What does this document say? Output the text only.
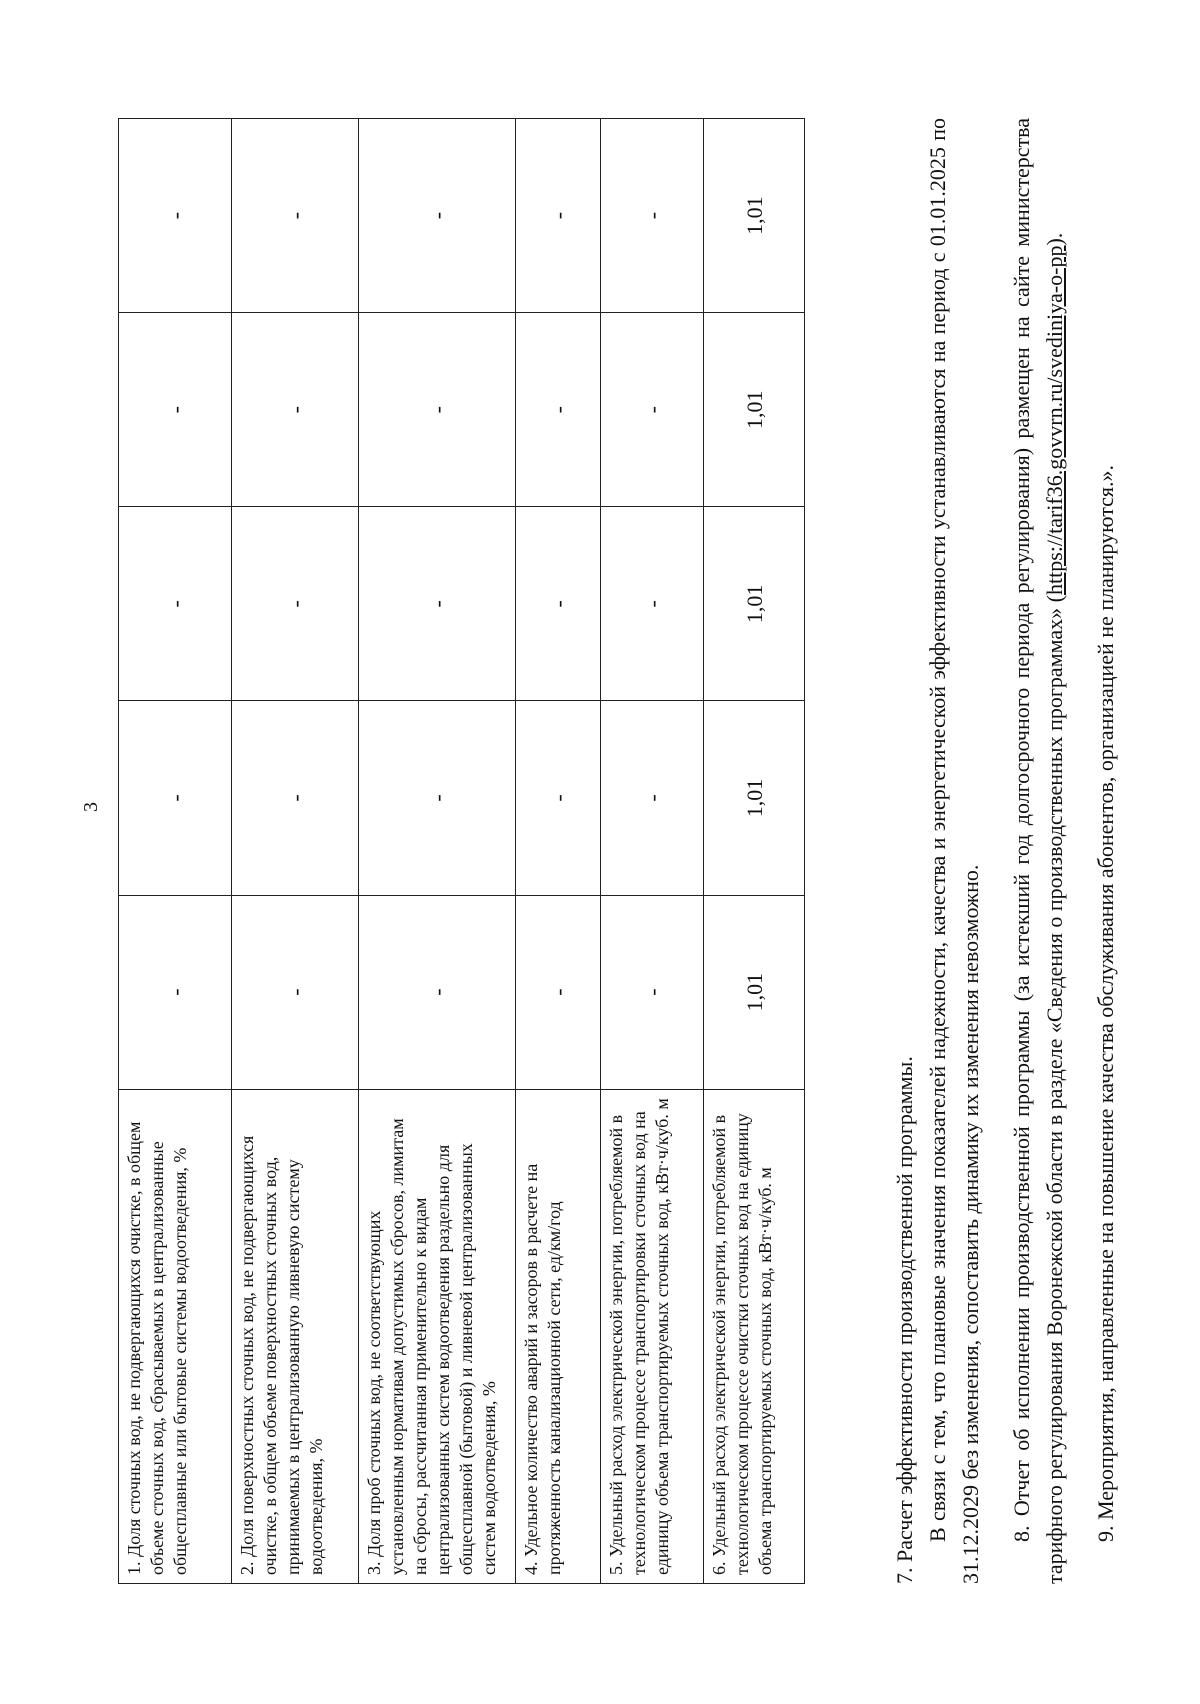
3
1. Доля сточных вод, не подвергающихся очистке, в общем объеме сточных вод, сбрасываемых в централизованные общесплавные или бытовые системы водоотведения, %	-	-	-	-	-
2. Доля поверхностных сточных вод, не подвергающихся очистке, в общем объеме поверхностных сточных вод, принимаемых в централизованную ливневую систему водоотведения, %	-	-	-	-	-
3. Доля проб сточных вод, не соответствующих установленным нормативам допустимых сбросов, лимитам на сбросы, рассчитанная применительно к видам централизованных систем водоотведения раздельно для общесплавной (бытовой) и ливневой централизованных систем водоотведения, %	-	-	-	-	-
4. Удельное количество аварий и засоров в расчете на протяженность канализационной сети, ед/км/год	-	-	-	-	-
5. Удельный расход электрической энергии, потребляемой в технологическом процессе транспортировки сточных вод на единицу объема транспортируемых сточных вод, кВт·ч/куб. м	-	-	-	-	-
6. Удельный расход электрической энергии, потребляемой в технологическом процессе очистки сточных вод на единицу объема транспортируемых сточных вод, кВт·ч/куб. м	1,01	1,01	1,01	1,01	1,01

7. Расчет эффективности производственной программы. В связи с тем, что плановые значения показателей надежности, качества и энергетической эффективности устанавливаются на период с 01.01.2025 по 31.12.2029 без изменения, сопоставить динамику их изменения невозможно. 8. Отчет об исполнении производственной программы (за истекший год долгосрочного периода регулирования) размещен на сайте министерства тарифного регулирования Воронежской области в разделе «Сведения о производственных программах» (https://tarif36.govvrn.ru/svediniya-o-pp).

9. Мероприятия, направленные на повышение качества обслуживания абонентов, организацией не планируются.».
